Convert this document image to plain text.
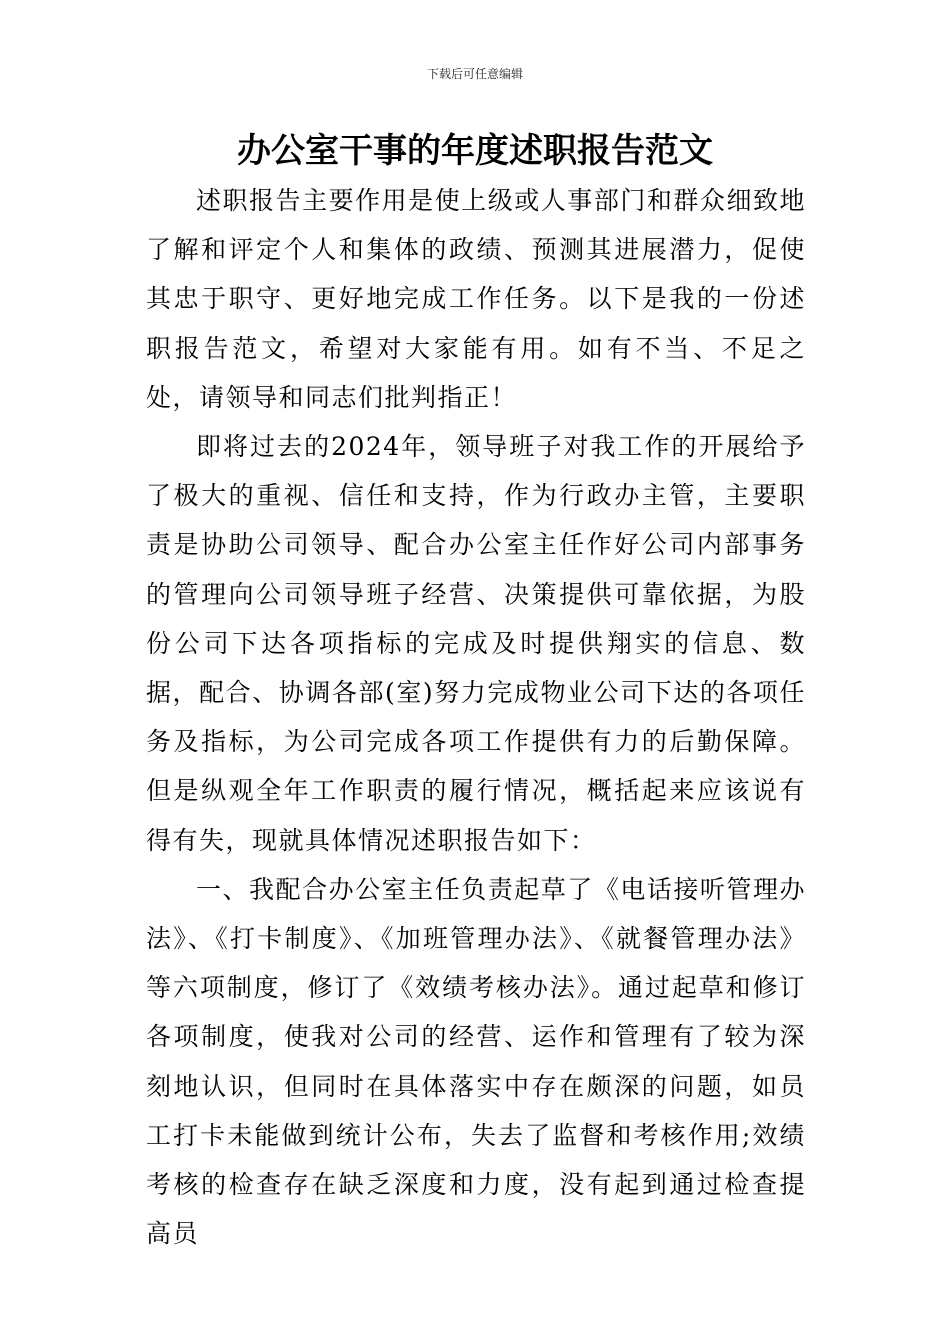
下载后可任意编辑
办公室干事的年度述职报告范文

述职报告主要作用是使上级或人事部门和群众细致地了解和评定个人和集体的政绩、预测其进展潜力，促使其忠于职守、更好地完成工作任务。以下是我的一份述职报告范文，希望对大家能有用。如有不当、不足之处，请领导和同志们批判指正！

即将过去的2024年，领导班子对我工作的开展给予了极大的重视、信任和支持，作为行政办主管，主要职责是协助公司领导、配合办公室主任作好公司内部事务的管理向公司领导班子经营、决策提供可靠依据，为股份公司下达各项指标的完成及时提供翔实的信息、数据，配合、协调各部(室)努力完成物业公司下达的各项任务及指标，为公司完成各项工作提供有力的后勤保障。但是纵观全年工作职责的履行情况，概括起来应该说有得有失，现就具体情况述职报告如下：

一、我配合办公室主任负责起草了《电话接听管理办法》、《打卡制度》、《加班管理办法》、《就餐管理办法》等六项制度，修订了《效绩考核办法》。通过起草和修订各项制度，使我对公司的经营、运作和管理有了较为深刻地认识，但同时在具体落实中存在颇深的问题，如员工打卡未能做到统计公布，失去了监督和考核作用;效绩考核的检查存在缺乏深度和力度，没有起到通过检查提高员
